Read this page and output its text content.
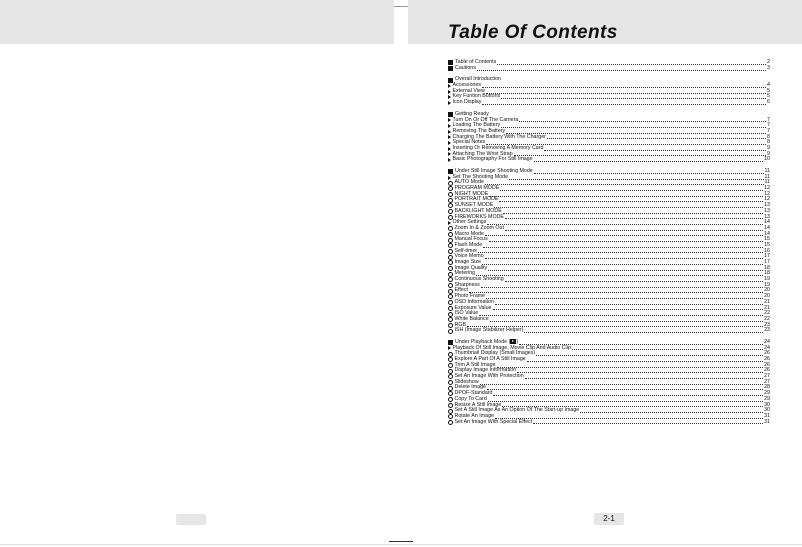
Table Of Contents
Table of Contents	2
Cautions	3
Overall Introduction
Accessories	4
External View	5
Key Funtion Buttons	5
Icon Display	6
Getting Ready
Turn On Or Off The Camera	7
Loading The Battery	7
Removing The Battery	7
Charging The Battery With The Charger	8
Special Notes	8
Inserting Or Removing A Memory Card	9
Attaching The Wrist Strap	9
Basic Photography For Still Image	10
Under Still Image Shooting Mode	11
Set The Shooting Mode	11
AUTO Mode	11
PROGRAM MODE	12
NIGHT MODE	12
PORTRAIT MODE	12
SUNSET MODE	13
BACKLIGHT MODE	13
FIREWORKS MODE	13
Other Settings	14
Zoom In & Zoom Out	14
Macro Mode	14
Manual Focus	15
Flash Mode	15
Self-timer	16
Voice Memo	17
Image Size	17
Image Quality	18
Metering	18
Continuous Shooting	19
Sharpness	19
Effect	20
Photo Frame	20
OSD Information	21
Exposure Value	21
ISO Value	22
White Balance	22
RGB	23
ISH (Image Stabilizer Helper)	23
Under Playback Mode ( )	24
Playback Of Still Image, Movie Clip And Audio Clip	24
Thumbnail Display (Small Images)	26
Explore A Part Of A Still Image	26
Trim A Still Image	26
Display Image Information	26
Set An Image With Protection	27
Slideshow	27
Delete Image	28
DPOF-Standard	29
Copy To Card	29
Resize A Still Image	30
Set A Still Image As An Option Of The Start-up Image	30
Rotate An Image	31
Set An Image With Special Effect	31
2-1
